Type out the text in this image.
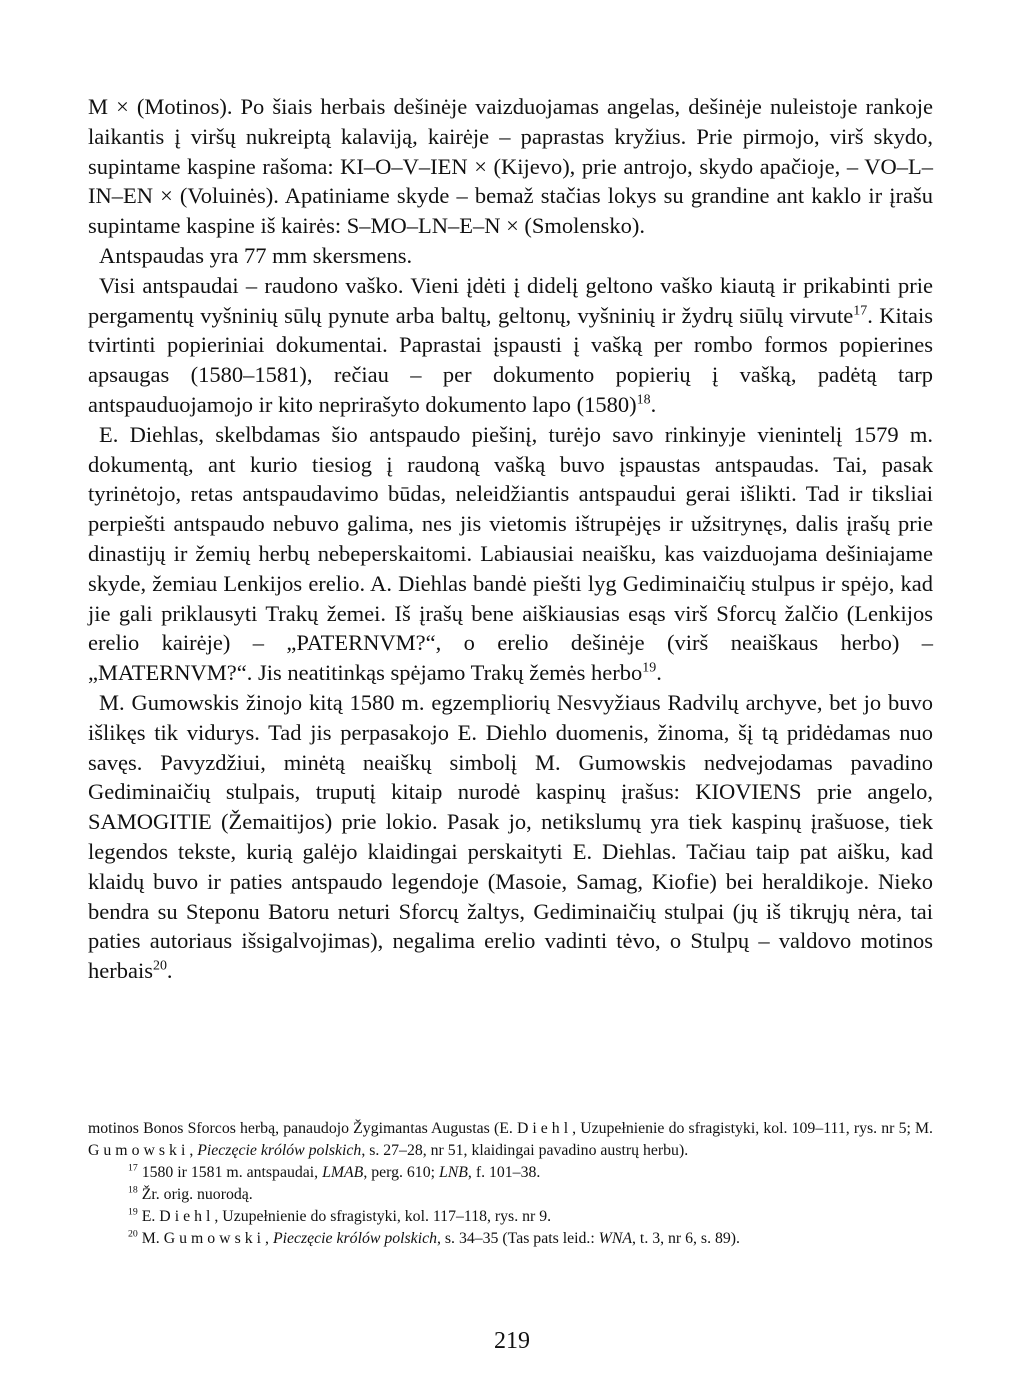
M × (Motinos). Po šiais herbais dešinėje vaizduojamas angelas, dešinėje nuleistoje rankoje laikantis į viršų nukreiptą kalaviją, kairėje – paprastas kryžius. Prie pirmojo, virš skydo, supintame kaspine rašoma: KI–O–V–IEN × (Kijevo), prie antrojo, skydo apačioje, – VO–L–IN–EN × (Voluinės). Apatiniame skyde – bemaž stačias lokys su grandine ant kaklo ir įrašu supintame kaspine iš kairės: S–MO–LN–E–N × (Smolensko).

Antspaudas yra 77 mm skersmens.

Visi antspaudai – raudono vaško. Vieni įdėti į didelį geltono vaško kiautą ir prikabinti prie pergamentų vyšninių sūlų pynute arba baltų, geltonų, vyšninių ir žydrų siūlų virvute$^{17}$. Kitais tvirtinti popieriniai dokumentai. Paprastai įspausti į vašką per rombo formos popierines apsaugas (1580–1581), rečiau – per dokumento popierių į vašką, padėtą tarp antspauduojamojo ir kito neprirašyto dokumento lapo $(1580)^{18}$.

E. Diehlas, skelbdamas šio antspaudo piešinį, turėjo savo rinkinyje vienintelį 1579 m. dokumentą, ant kurio tiesiog į raudoną vašką buvo įspaustas antspaudas. Tai, pasak tyrinėtojo, retas antspaudavimo būdas, neleidžiantis antspaudui gerai išlikti. Tad ir tiksliai perpiešti antspaudo nebuvo galima, nes jis vietomis ištrupėjęs ir užsitrynęs, dalis įrašų prie dinastijų ir žemių herbų nebeperskaitomi. Labiausiai neaišku, kas vaizduojama dešiniajame skyde, žemiau Lenkijos erelio. A. Diehlas bandė piešti lyg Gediminaičių stulpus ir spėjo, kad jie gali priklausyti Trakų žemei. Iš įrašų bene aiškiausias esąs virš Sforcų žalčio (Lenkijos erelio kairėje) – „PATERNVM?“, o erelio dešinėje (virš neaiškaus herbo) – „MATERNVM?“. Jis neatitinkąs spėjamo Trakų žemės herbo$^{19}$.

M. Gumowskis žinojo kitą 1580 m. egzempliorių Nesvyžiaus Radvilų archyve, bet jo buvo išlikęs tik vidurys. Tad jis perpasakojo E. Diehlo duomenis, žinoma, šį tą pridėdamas nuo savęs. Pavyzdžiui, minėtą neaiškų simbolį M. Gumowskis nedvejodamas pavadino Gediminaičių stulpais, truputį kitaip nurodė kaspinų įrašus: KIOVIENS prie angelo, SAMOGITIE (Žemaitijos) prie lokio. Pasak jo, netikslumų yra tiek kaspinų įrašuose, tiek legendos tekste, kurią galėjo klaidingai perskaityti E. Diehlas. Tačiau taip pat aišku, kad klaidų buvo ir paties antspaudo legendoje (Masoie, Samag, Kiofie) bei heraldikoje. Nieko bendra su Steponu Batoru neturi Sforcų žaltys, Gediminaičių stulpai (jų iš tikrųjų nėra, tai paties autoriaus išsigalvojimas), negalima erelio vadinti tėvo, o Stulpų – valdovo motinos herbais$^{20}$.

motinos Bonos Sforcos herbą, panaudojo Žygimantas Augustas (E. Diehl, Uzupełnienie do sfragistyki, kol. 109–111, rys. nr 5; M. Gumowski, Pieczęcie królów polskich, s. 27–28, nr 51, klaidingai pavadino austrų herbu).

$^{17}$ 1580 ir 1581 m. antspaudai, LMAB, perg. 610; LNB, f. 101–38.

$^{18}$ Žr. orig. nuorodą.

$^{19}$ E. Diehl, Uzupełnienie do sfragistyki, kol. 117–118, rys. nr 9.

$^{20}$ M. Gumowski, Pieczęcie królów polskich, s. 34–35 (Tas pats leid.: WNA, t. 3, nr 6, s. 89).

219
